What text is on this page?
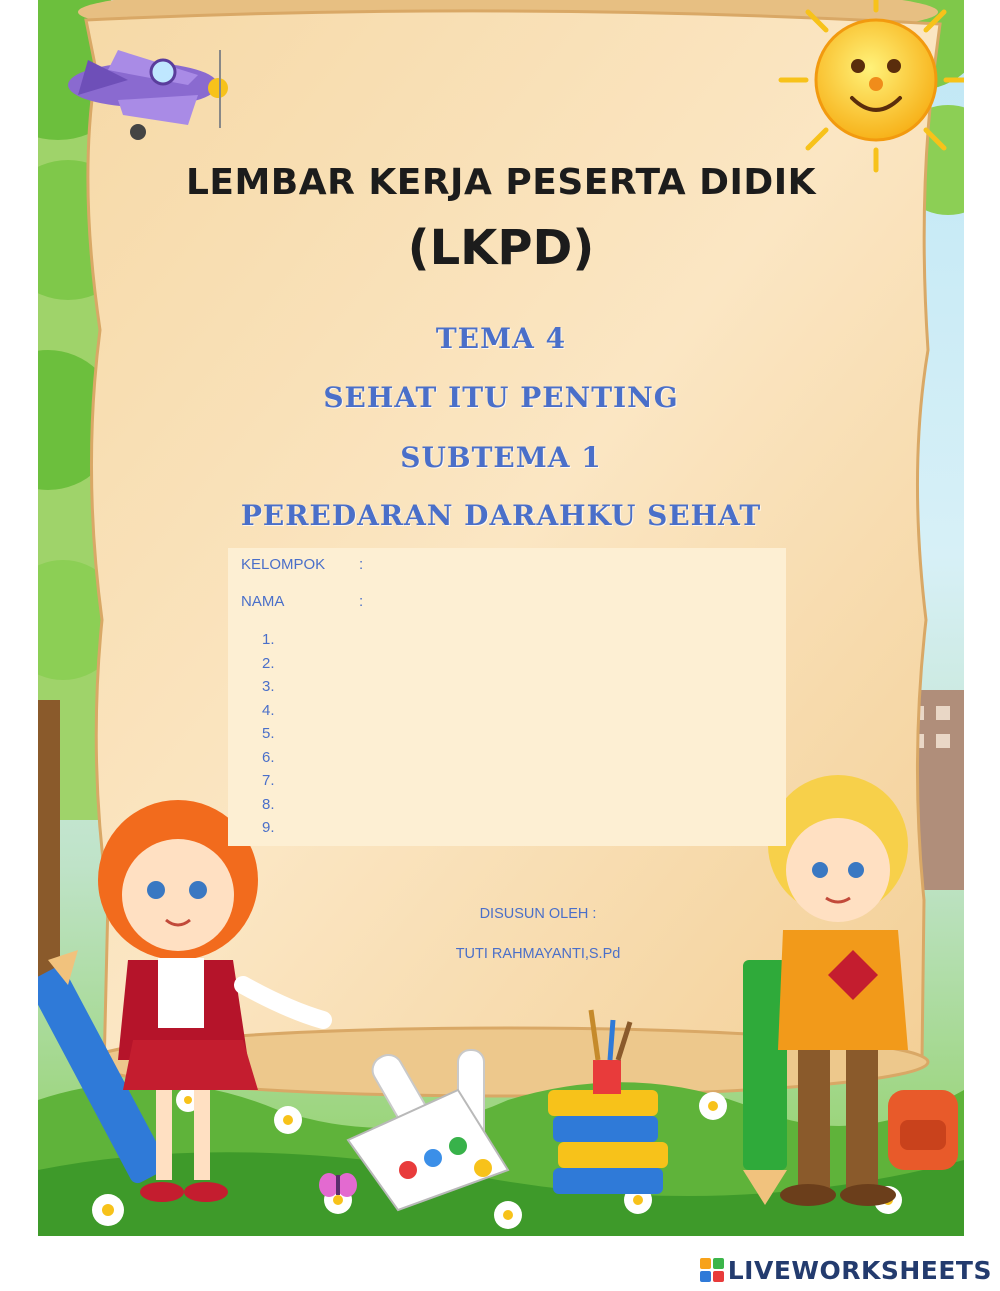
LEMBAR KERJA PESERTA DIDIK
(LKPD)

TEMA 4

SEHAT ITU PENTING

SUBTEMA 1

PEREDARAN DARAHKU SEHAT

KELOMPOK :
NAMA	:
1.
2.
3.
4.
5.
6.
7.
8.
9.

DISUSUN OLEH :

TUTI RAHMAYANTI,S.Pd

LIVEWORKSHEETS
